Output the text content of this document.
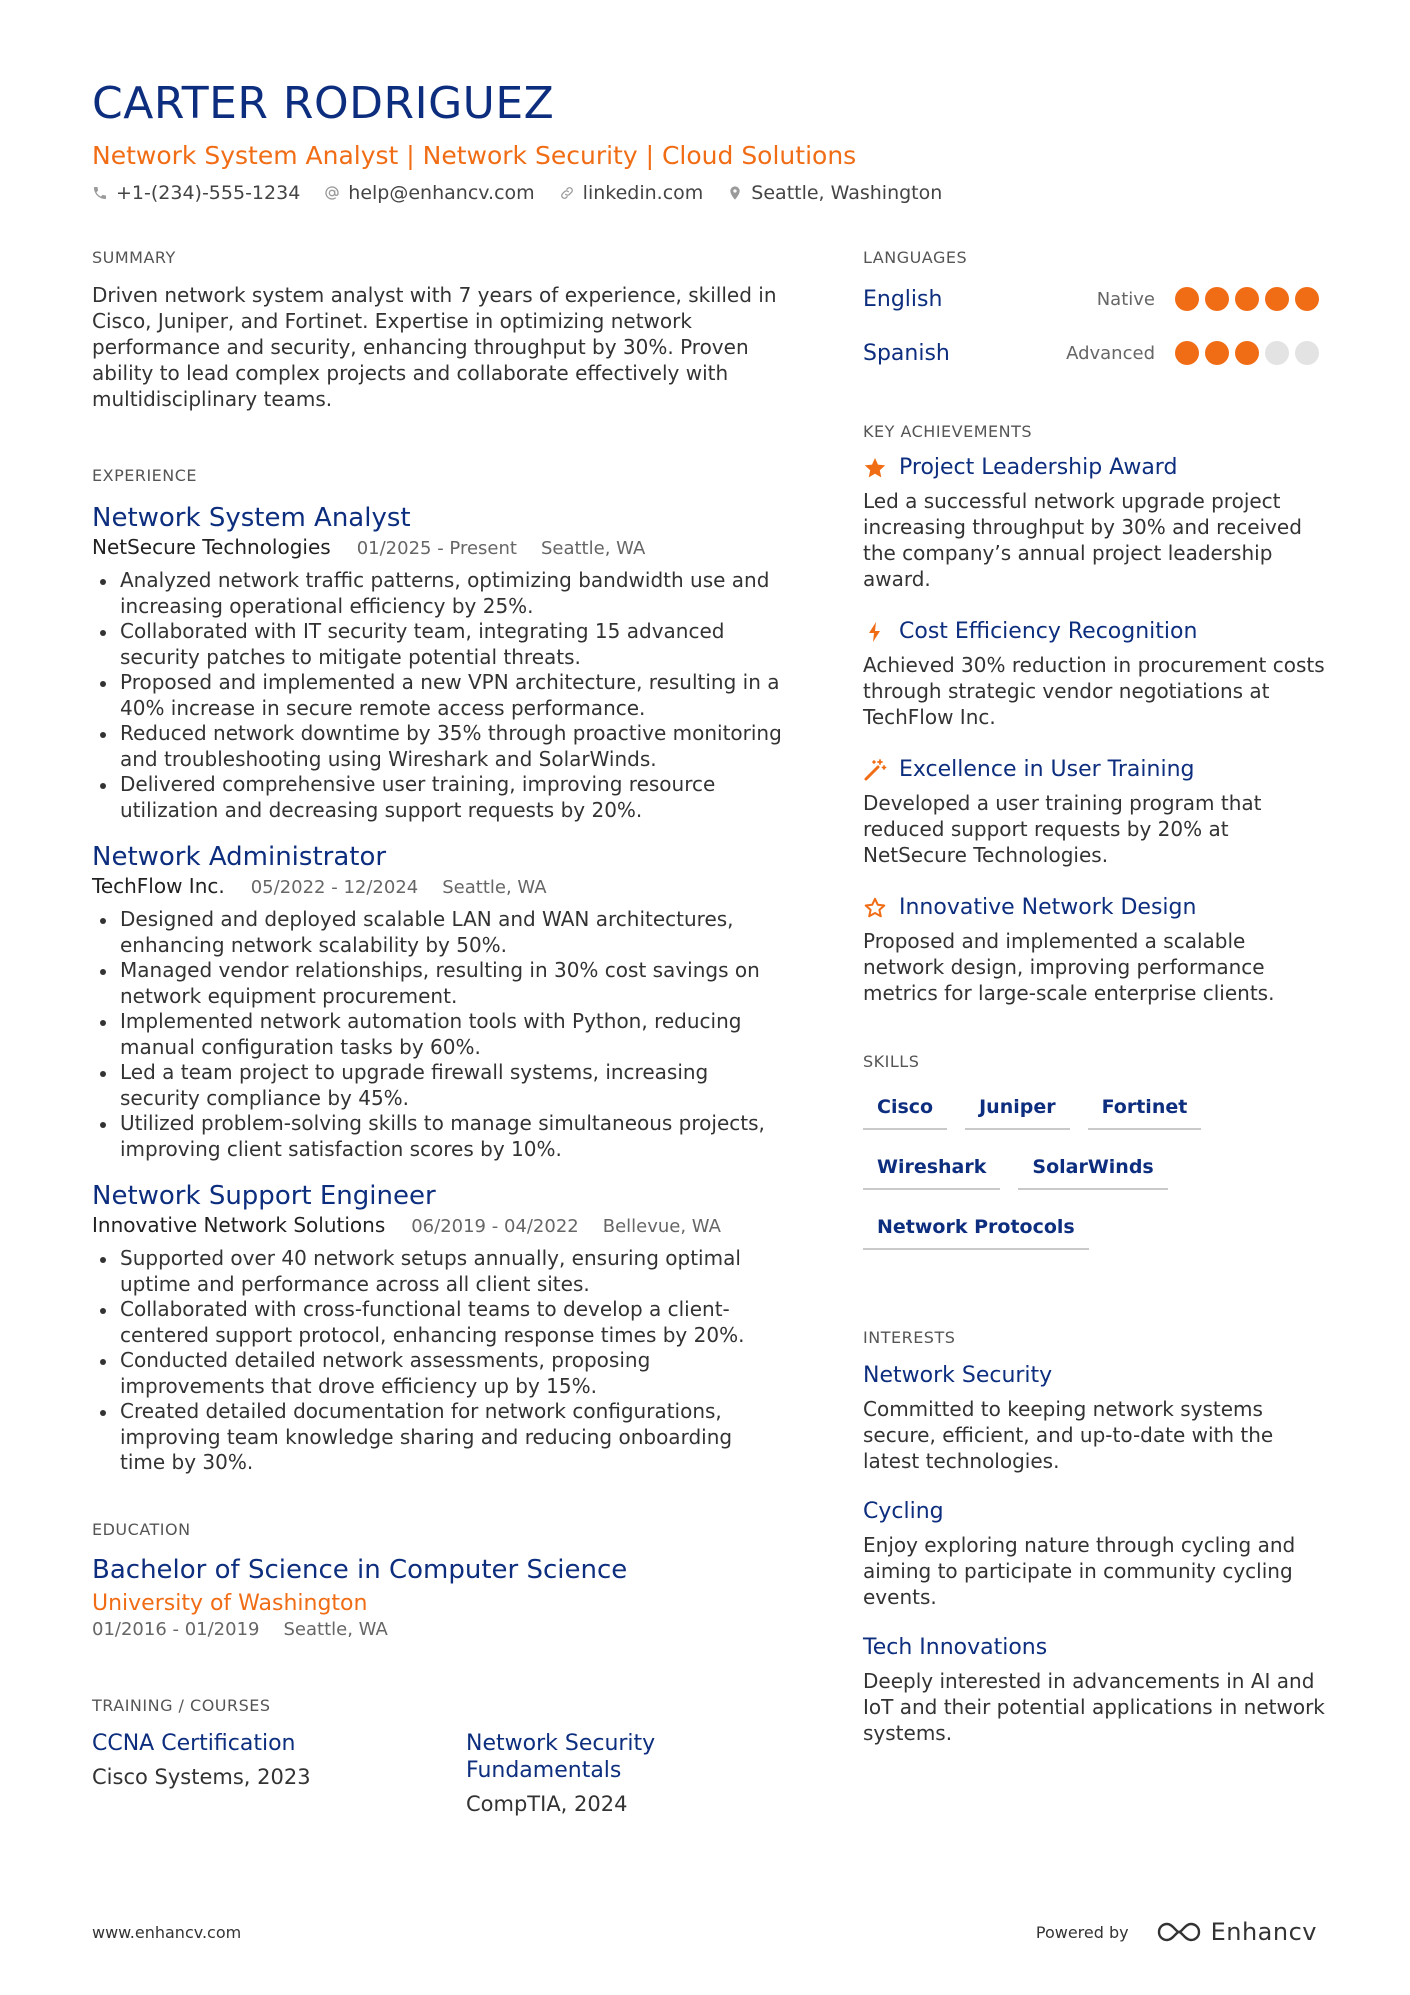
CARTER RODRIGUEZ
Network System Analyst | Network Security | Cloud Solutions
+1-(234)-555-1234	help@enhancv.com	linkedin.com	Seattle, Washington
SUMMARY

Driven network system analyst with 7 years of experience, skilled in Cisco, Juniper, and Fortinet. Expertise in optimizing network performance and security, enhancing throughput by 30%. Proven ability to lead complex projects and collaborate effectively with multidisciplinary teams.

EXPERIENCE
Network System Analyst
NetSecure Technologies 01/2025 - Present Seattle, WA
Analyzed network traffic patterns, optimizing bandwidth use and increasing operational efficiency by 25%.
Collaborated with IT security team, integrating 15 advanced security patches to mitigate potential threats.
Proposed and implemented a new VPN architecture, resulting in a 40% increase in secure remote access performance.
Reduced network downtime by 35% through proactive monitoring and troubleshooting using Wireshark and SolarWinds.
Delivered comprehensive user training, improving resource utilization and decreasing support requests by 20%.
Network Administrator
TechFlow Inc. 05/2022 - 12/2024 Seattle, WA
Designed and deployed scalable LAN and WAN architectures, enhancing network scalability by 50%.
Managed vendor relationships, resulting in 30% cost savings on network equipment procurement.
Implemented network automation tools with Python, reducing manual configuration tasks by 60%.
Led a team project to upgrade firewall systems, increasing security compliance by 45%.
Utilized problem-solving skills to manage simultaneous projects, improving client satisfaction scores by 10%.
Network Support Engineer
Innovative Network Solutions 06/2019 - 04/2022 Bellevue, WA
Supported over 40 network setups annually, ensuring optimal uptime and performance across all client sites.
Collaborated with cross-functional teams to develop a client-centered support protocol, enhancing response times by 20%.
Conducted detailed network assessments, proposing improvements that drove efficiency up by 15%.
Created detailed documentation for network configurations, improving team knowledge sharing and reducing onboarding time by 30%.
EDUCATION
Bachelor of Science in Computer Science
University of Washington
01/2016 - 01/2019 Seattle, WA
TRAINING / COURSES
CCNA Certification
Cisco Systems, 2023
Network Security Fundamentals
CompTIA, 2024
LANGUAGES
English	Native
Spanish	Advanced
KEY ACHIEVEMENTS
Project Leadership Award

Led a successful network upgrade project increasing throughput by 30% and received the company’s annual project leadership award.

Cost Efficiency Recognition

Achieved 30% reduction in procurement costs through strategic vendor negotiations at TechFlow Inc.

Excellence in User Training

Developed a user training program that reduced support requests by 20% at NetSecure Technologies.

Innovative Network Design

Proposed and implemented a scalable network design, improving performance metrics for large-scale enterprise clients.

SKILLS
Cisco	Juniper	Fortinet
Wireshark	SolarWinds
Network Protocols
INTERESTS
Network Security

Committed to keeping network systems secure, efficient, and up-to-date with the latest technologies.

Cycling

Enjoy exploring nature through cycling and aiming to participate in community cycling events.

Tech Innovations

Deeply interested in advancements in AI and IoT and their potential applications in network systems.

www.enhancv.com	Powered by	Enhancv
